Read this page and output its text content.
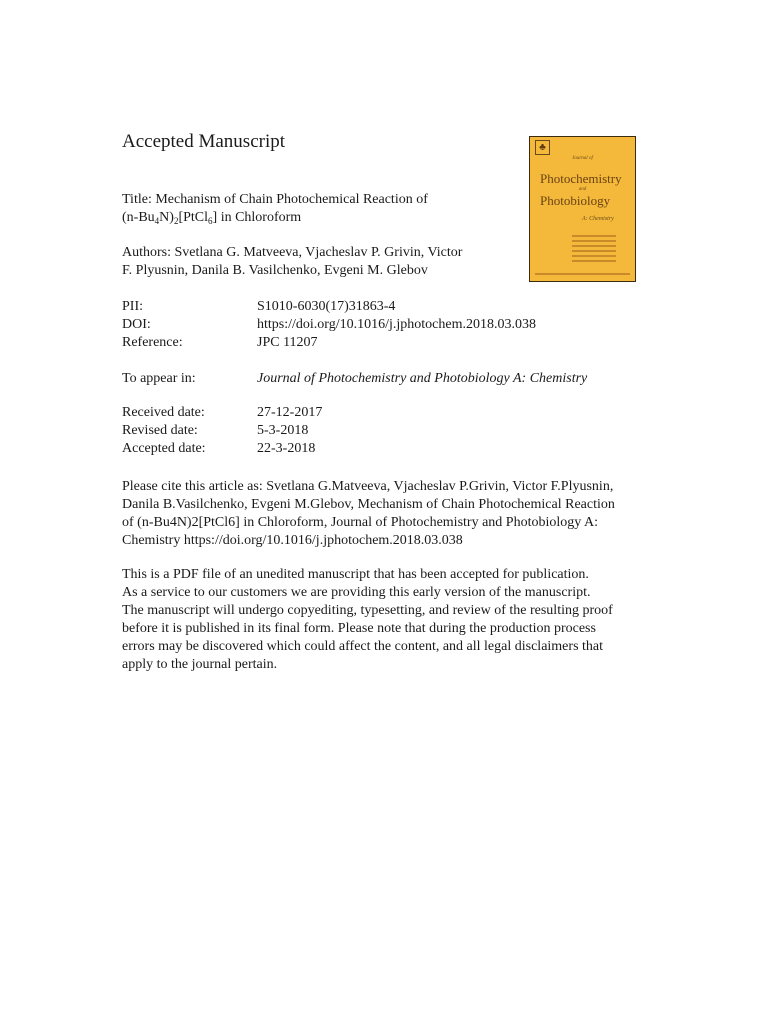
Accepted Manuscript
Title: Mechanism of Chain Photochemical Reaction of
$(n-Bu_4N)_2[PtCl_6]$ in Chloroform
Authors: Svetlana G. Matveeva, Vjacheslav P. Grivin, Victor
F. Plyusnin, Danila B. Vasilchenko, Evgeni M. Glebov
♣
Journal of
Photochemistry
and
Photobiology
A: Chemistry
PII:	S1010-6030(17)31863-4
DOI:	https://doi.org/10.1016/j.jphotochem.2018.03.038
Reference:	JPC 11207
To appear in:	Journal of Photochemistry and Photobiology A: Chemistry
Received date:	27-12-2017
Revised date:	5-3-2018
Accepted date:	22-3-2018
Please cite this article as: Svetlana G.Matveeva, Vjacheslav P.Grivin, Victor F.Plyusnin,
Danila B.Vasilchenko, Evgeni M.Glebov, Mechanism of Chain Photochemical Reaction
of (n-Bu4N)2[PtCl6] in Chloroform, Journal of Photochemistry and Photobiology A:
Chemistry https://doi.org/10.1016/j.jphotochem.2018.03.038
This is a PDF file of an unedited manuscript that has been accepted for publication.
As a service to our customers we are providing this early version of the manuscript.
The manuscript will undergo copyediting, typesetting, and review of the resulting proof
before it is published in its final form. Please note that during the production process
errors may be discovered which could affect the content, and all legal disclaimers that
apply to the journal pertain.
